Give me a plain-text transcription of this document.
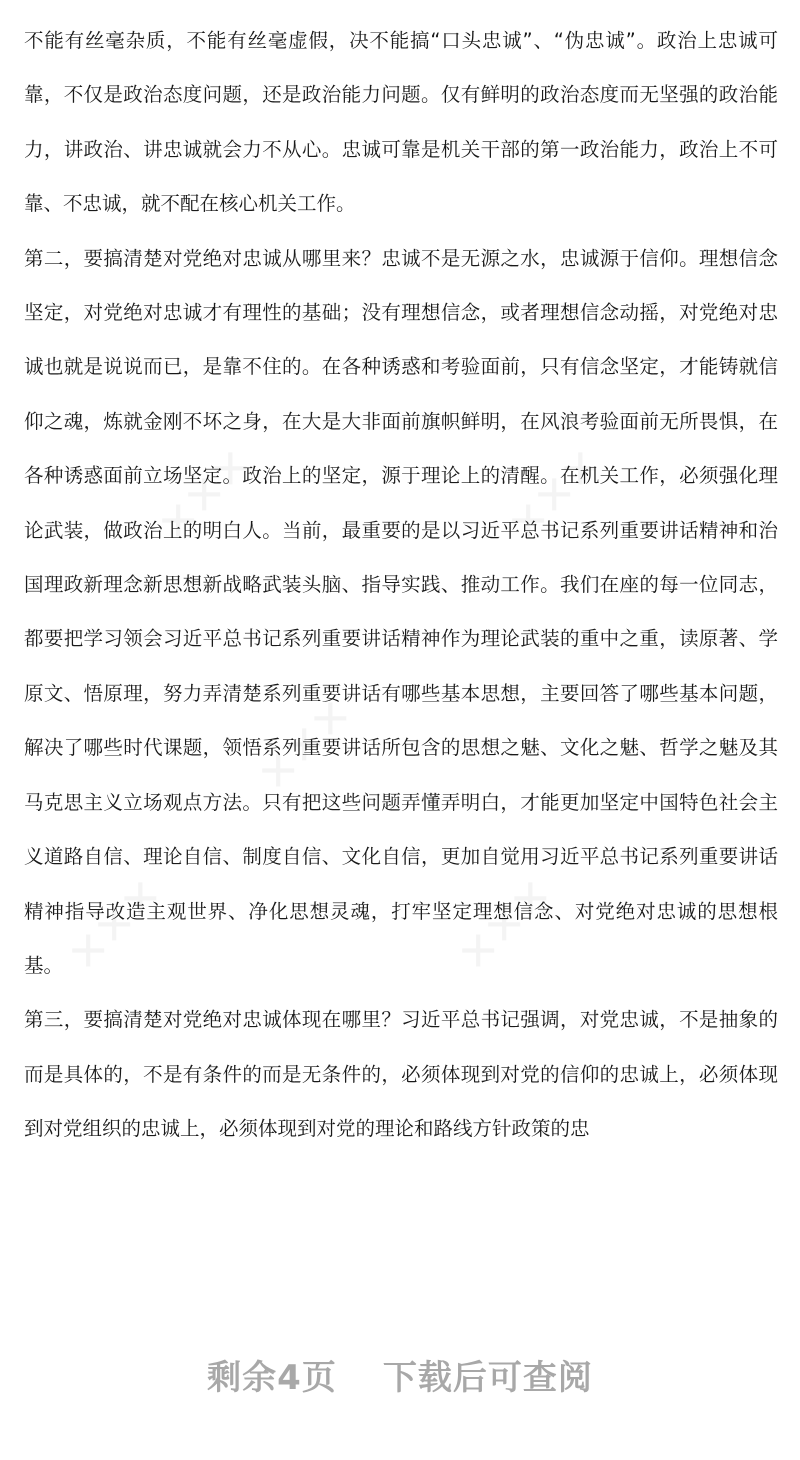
不能有丝毫杂质，不能有丝毫虚假，决不能搞“口头忠诚”、“伪忠诚”。政治上忠诚可靠，不仅是政治态度问题，还是政治能力问题。仅有鲜明的政治态度而无坚强的政治能力，讲政治、讲忠诚就会力不从心。忠诚可靠是机关干部的第一政治能力，政治上不可靠、不忠诚，就不配在核心机关工作。

第二，要搞清楚对党绝对忠诚从哪里来？忠诚不是无源之水，忠诚源于信仰。理想信念坚定，对党绝对忠诚才有理性的基础；没有理想信念，或者理想信念动摇，对党绝对忠诚也就是说说而已，是靠不住的。在各种诱惑和考验面前，只有信念坚定，才能铸就信仰之魂，炼就金刚不坏之身，在大是大非面前旗帜鲜明，在风浪考验面前无所畏惧，在各种诱惑面前立场坚定。政治上的坚定，源于理论上的清醒。在机关工作，必须强化理论武装，做政治上的明白人。当前，最重要的是以习近平总书记系列重要讲话精神和治国理政新理念新思想新战略武装头脑、指导实践、推动工作。我们在座的每一位同志，都要把学习领会习近平总书记系列重要讲话精神作为理论武装的重中之重，读原著、学原文、悟原理，努力弄清楚系列重要讲话有哪些基本思想，主要回答了哪些基本问题，解决了哪些时代课题，领悟系列重要讲话所包含的思想之魅、文化之魅、哲学之魅及其马克思主义立场观点方法。只有把这些问题弄懂弄明白，才能更加坚定中国特色社会主义道路自信、理论自信、制度自信、文化自信，更加自觉用习近平总书记系列重要讲话精神指导改造主观世界、净化思想灵魂，打牢坚定理想信念、对党绝对忠诚的思想根基。

第三，要搞清楚对党绝对忠诚体现在哪里？习近平总书记强调，对党忠诚，不是抽象的而是具体的，不是有条件的而是无条件的，必须体现到对党的信仰的忠诚上，必须体现到对党组织的忠诚上，必须体现到对党的理论和路线方针政策的忠

剩余4页 下载后可查阅
